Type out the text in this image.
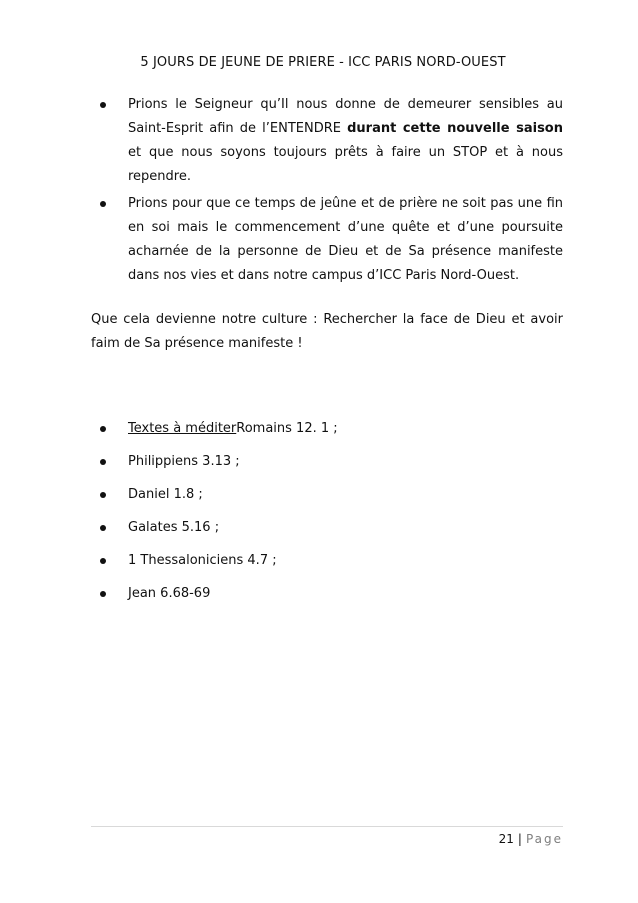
5 JOURS DE JEUNE DE PRIERE - ICC PARIS NORD-OUEST
Prions le Seigneur qu’Il nous donne de demeurer sensibles au Saint-Esprit afin de l’ENTENDRE durant cette nouvelle saison et que nous soyons toujours prêts à faire un STOP et à nous rependre.
Prions pour que ce temps de jeûne et de prière ne soit pas une fin en soi mais le commencement d’une quête et d’une poursuite acharnée de la personne de Dieu et de Sa présence manifeste dans nos vies et dans notre campus d’ICC Paris Nord-Ouest.

Que cela devienne notre culture : Rechercher la face de Dieu et avoir faim de Sa présence manifeste !

Textes à méditerRomains 12. 1 ;
Philippiens 3.13 ;
Daniel 1.8 ;
Galates 5.16 ;
1 Thessaloniciens 4.7 ;
Jean 6.68-69
21 | Page
